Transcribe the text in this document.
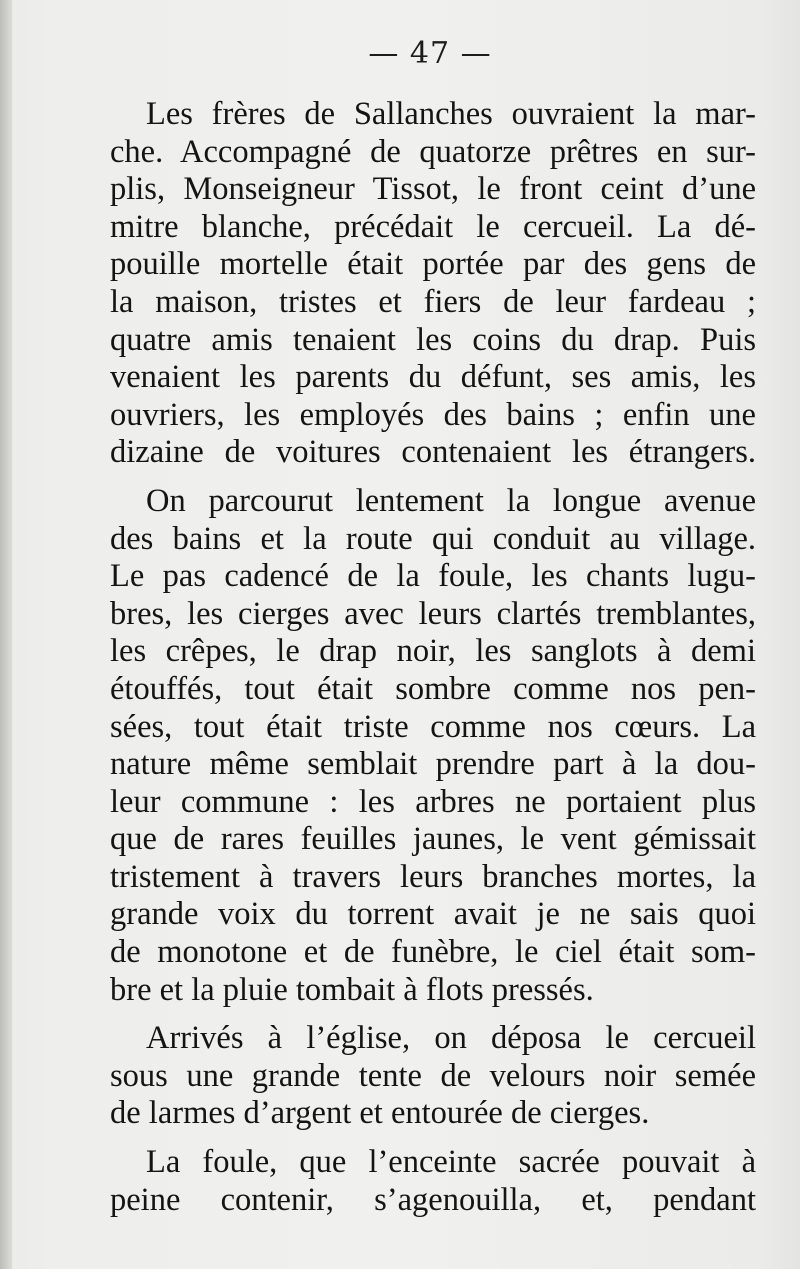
— 47 —
Les frères de Sallanches ouvraient la mar-
che. Accompagné de quatorze prêtres en sur-
plis, Monseigneur Tissot, le front ceint d’une
mitre blanche, précédait le cercueil. La dé-
pouille mortelle était portée par des gens de
la maison, tristes et fiers de leur fardeau ;
quatre amis tenaient les coins du drap. Puis
venaient les parents du défunt, ses amis, les
ouvriers, les employés des bains ; enfin une
dizaine de voitures contenaient les étrangers.
On parcourut lentement la longue avenue
des bains et la route qui conduit au village.
Le pas cadencé de la foule, les chants lugu-
bres, les cierges avec leurs clartés tremblantes,
les crêpes, le drap noir, les sanglots à demi
étouffés, tout était sombre comme nos pen-
sées, tout était triste comme nos cœurs. La
nature même semblait prendre part à la dou-
leur commune : les arbres ne portaient plus
que de rares feuilles jaunes, le vent gémissait
tristement à travers leurs branches mortes, la
grande voix du torrent avait je ne sais quoi
de monotone et de funèbre, le ciel était som-
bre et la pluie tombait à flots pressés.
Arrivés à l’église, on déposa le cercueil
sous une grande tente de velours noir semée
de larmes d’argent et entourée de cierges.
La foule, que l’enceinte sacrée pouvait à
peine contenir, s’agenouilla, et, pendant
